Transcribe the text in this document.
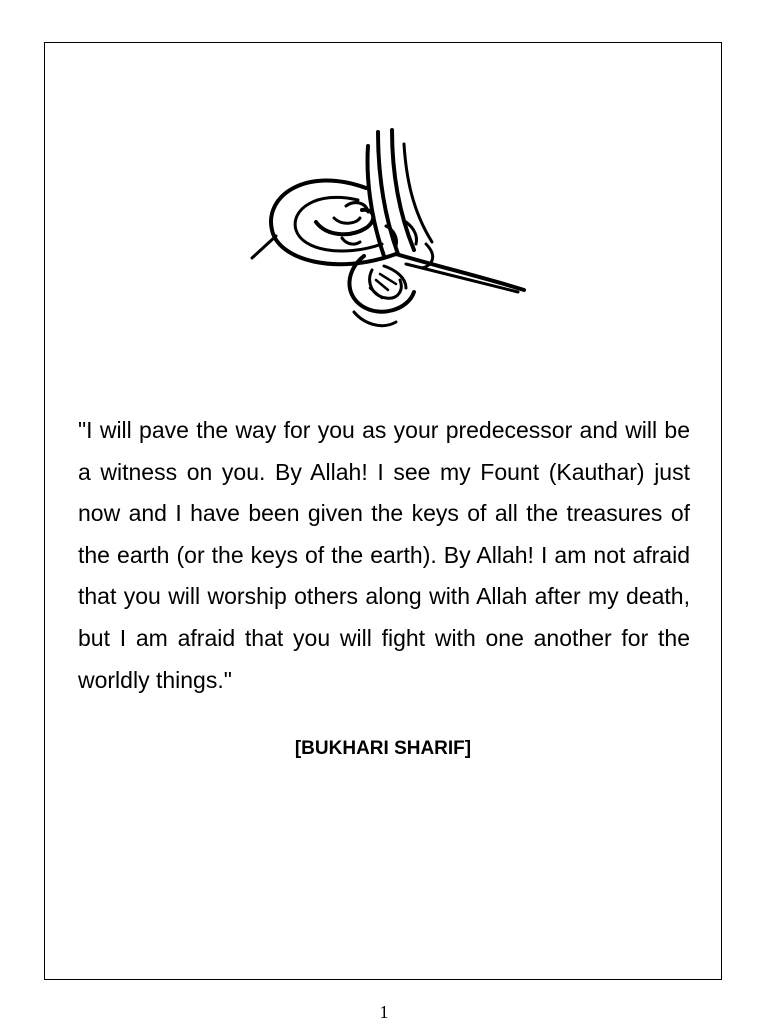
"I will pave the way for you as your predecessor and will be a witness on you. By Allah! I see my Fount (Kauthar) just now and I have been given the keys of all the treasures of the earth (or the keys of the earth). By Allah! I am not afraid that you will worship others along with Allah after my death, but I am afraid that you will fight with one another for the worldly things."

[BUKHARI SHARIF]
1
